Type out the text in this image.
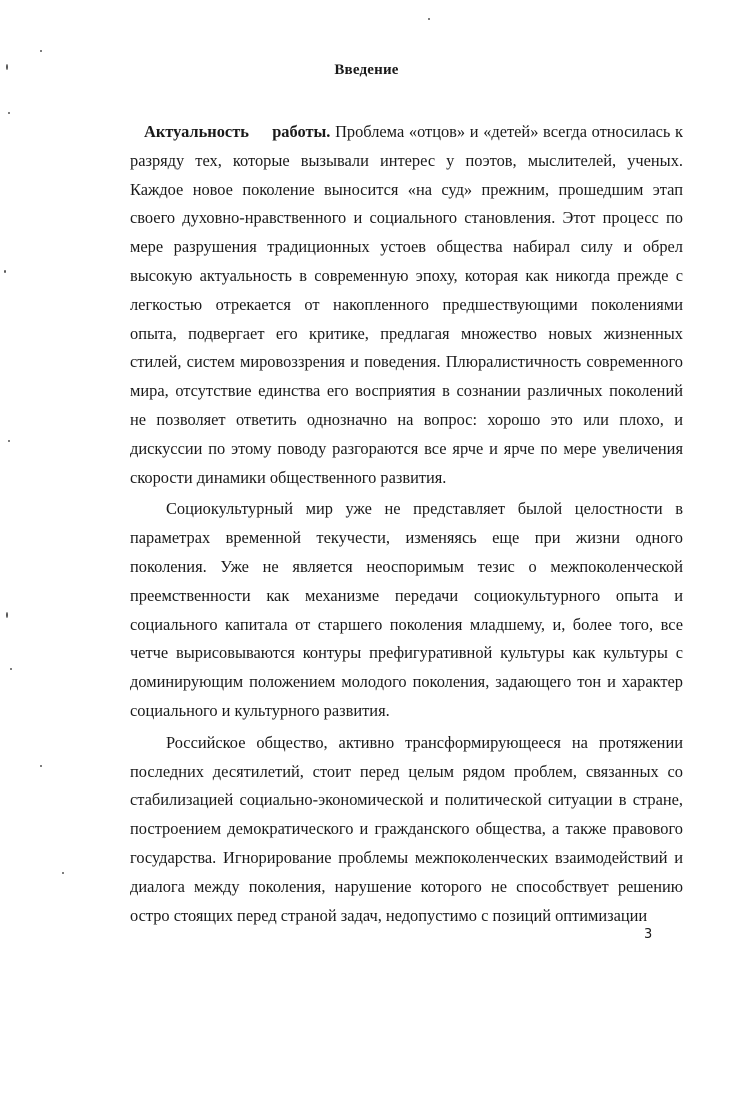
Введение

Актуальность     работы. Проблема «отцов» и «детей» всегда относилась к разряду тех, которые вызывали интерес у поэтов, мыслителей, ученых. Каждое новое поколение выносится «на суд» прежним, прошедшим этап своего духовно-нравственного и социального становления. Этот процесс по мере разрушения традиционных устоев общества набирал силу и обрел высокую актуальность в современную эпоху, которая как никогда прежде с легкостью отрекается от накопленного предшествующими поколениями опыта, подвергает его критике, предлагая множество новых жизненных стилей, систем мировоззрения и поведения. Плюралистичность современного мира, отсутствие единства его восприятия в сознании различных поколений не позволяет ответить однозначно на вопрос: хорошо это или плохо, и дискуссии по этому поводу разгораются все ярче и ярче по мере увеличения скорости динамики общественного развития.

Социокультурный мир уже не представляет былой целостности в параметрах временной текучести, изменяясь еще при жизни одного поколения. Уже не является неоспоримым тезис о межпоколенческой преемственности как механизме передачи социокультурного опыта и социального капитала от старшего поколения младшему, и, более того, все четче вырисовываются контуры префигуративной культуры как культуры с доминирующим положением молодого поколения, задающего тон и характер социального и культурного развития.

Российское общество, активно трансформирующееся на протяжении последних десятилетий, стоит перед целым рядом проблем, связанных со стабилизацией социально-экономической и политической ситуации в стране, построением демократического и гражданского общества, а также правового государства. Игнорирование проблемы межпоколенческих взаимодействий и диалога между поколения, нарушение которого не способствует решению остро стоящих перед страной задач, недопустимо с позиций оптимизации

3
